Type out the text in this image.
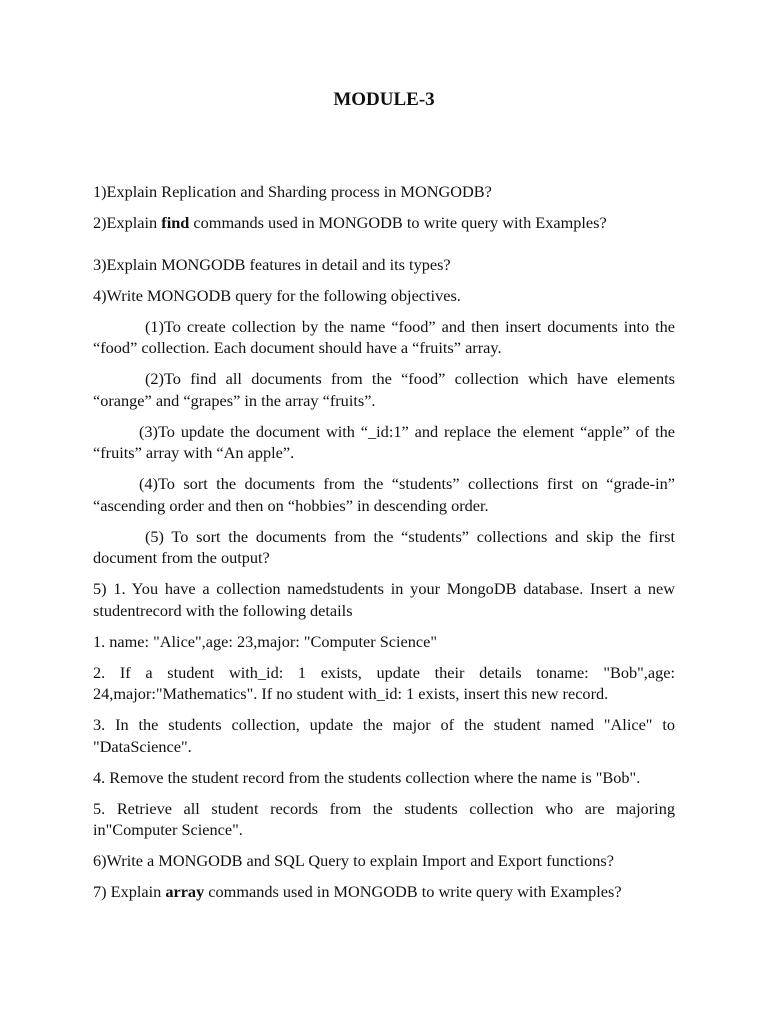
MODULE-3

1)Explain Replication and Sharding process in MONGODB?

2)Explain find commands used in MONGODB to write query with Examples?

3)Explain MONGODB features in detail and its types?

4)Write MONGODB query for the following objectives.

(1)To create collection by the name “food” and then insert documents into the “food” collection. Each document should have a “fruits” array.

(2)To find all documents from the “food” collection which have elements “orange” and “grapes” in the array “fruits”.

(3)To update the document with “_id:1” and replace the element “apple” of the “fruits” array with “An apple”.

(4)To sort the documents from the “students” collections first on “grade-in” “ascending order and then on “hobbies” in descending order.

(5) To sort the documents from the “students” collections and skip the first document from the output?

5) 1. You have a collection namedstudents in your MongoDB database. Insert a new studentrecord with the following details

1. name: "Alice",age: 23,major: "Computer Science"

2. If a student with_id: 1 exists, update their details toname: "Bob",age: 24,major:"Mathematics". If no student with_id: 1 exists, insert this new record.

3. In the students collection, update the major of the student named "Alice" to "DataScience".

4. Remove the student record from the students collection where the name is "Bob".

5. Retrieve all student records from the students collection who are majoring in"Computer Science".

6)Write a MONGODB and SQL Query to explain Import and Export functions?

7) Explain array commands used in MONGODB to write query with Examples?
